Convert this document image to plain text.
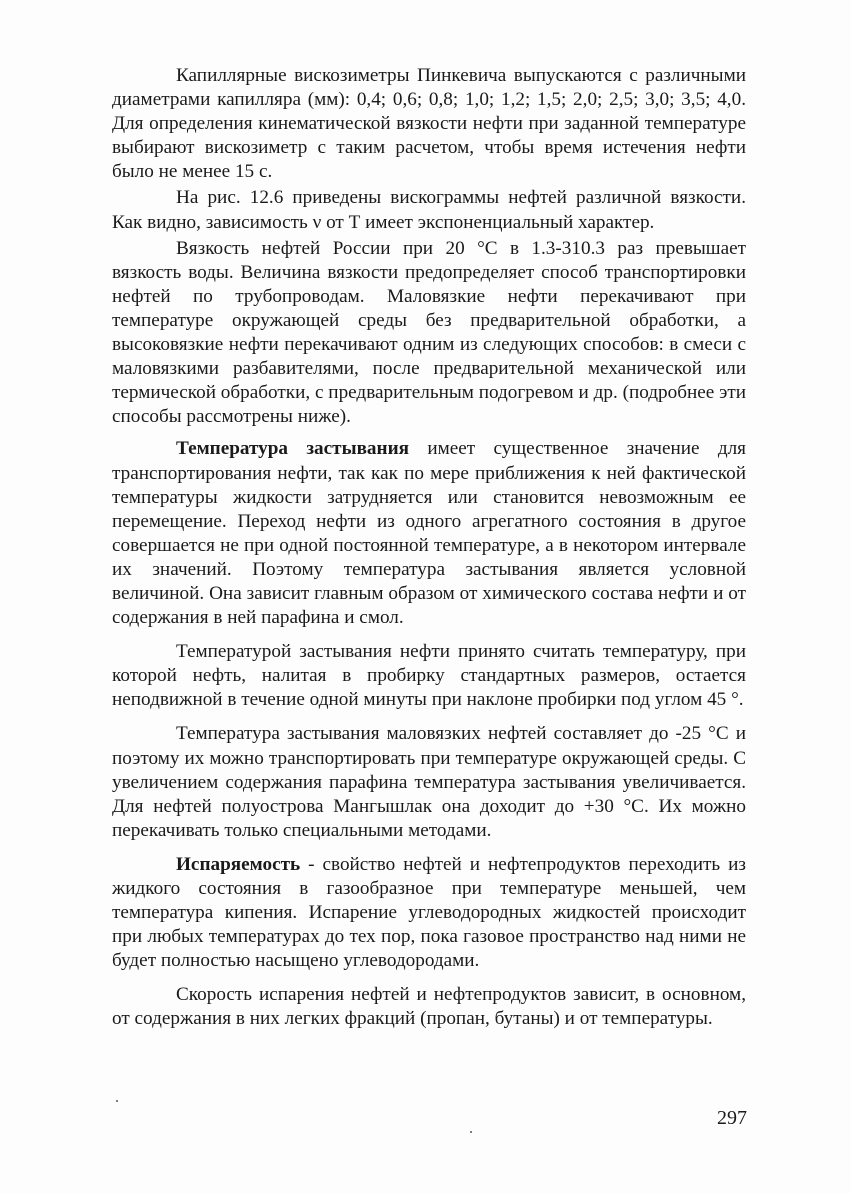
Капиллярные вискозиметры Пинкевича выпускаются с различными диаметрами капилляра (мм): 0,4; 0,6; 0,8; 1,0; 1,2; 1,5; 2,0; 2,5; 3,0; 3,5; 4,0. Для определения кинематической вязкости нефти при заданной температуре выбирают вискозиметр с таким расчетом, чтобы время истечения нефти было не менее 15 с.

На рис. 12.6 приведены вискограммы нефтей различной вязкости. Как видно, зависимость ν от Т имеет экспоненциальный характер.

Вязкость нефтей России при 20 °С в 1.3-310.3 раз превышает вязкость воды. Величина вязкости предопределяет способ транспортировки нефтей по трубопроводам. Маловязкие нефти перекачивают при температуре окружающей среды без предварительной обработки, а высоковязкие нефти перекачивают одним из следующих способов: в смеси с маловязкими разбавителями, после предварительной механической или термической обработки, с предварительным подогревом и др. (подробнее эти способы рассмотрены ниже).

Температура застывания имеет существенное значение для транспортирования нефти, так как по мере приближения к ней фактической температуры жидкости затрудняется или становится невозможным ее перемещение. Переход нефти из одного агрегатного состояния в другое совершается не при одной постоянной температуре, а в некотором интервале их значений. Поэтому температура застывания является условной величиной. Она зависит главным образом от химического состава нефти и от содержания в ней парафина и смол.

Температурой застывания нефти принято считать температуру, при которой нефть, налитая в пробирку стандартных размеров, остается неподвижной в течение одной минуты при наклоне пробирки под углом 45 °.

Температура застывания маловязких нефтей составляет до -25 °С и поэтому их можно транспортировать при температуре окружающей среды. С увеличением содержания парафина температура застывания увеличивается. Для нефтей полуострова Мангышлак она доходит до +30 °С. Их можно перекачивать только специальными методами.

Испаряемость - свойство нефтей и нефтепродуктов переходить из жидкого состояния в газообразное при температуре меньшей, чем температура кипения. Испарение углеводородных жидкостей происходит при любых температурах до тех пор, пока газовое пространство над ними не будет полностью насыщено углеводородами.

Скорость испарения нефтей и нефтепродуктов зависит, в основном, от содержания в них легких фракций (пропан, бутаны) и от температуры.

297
